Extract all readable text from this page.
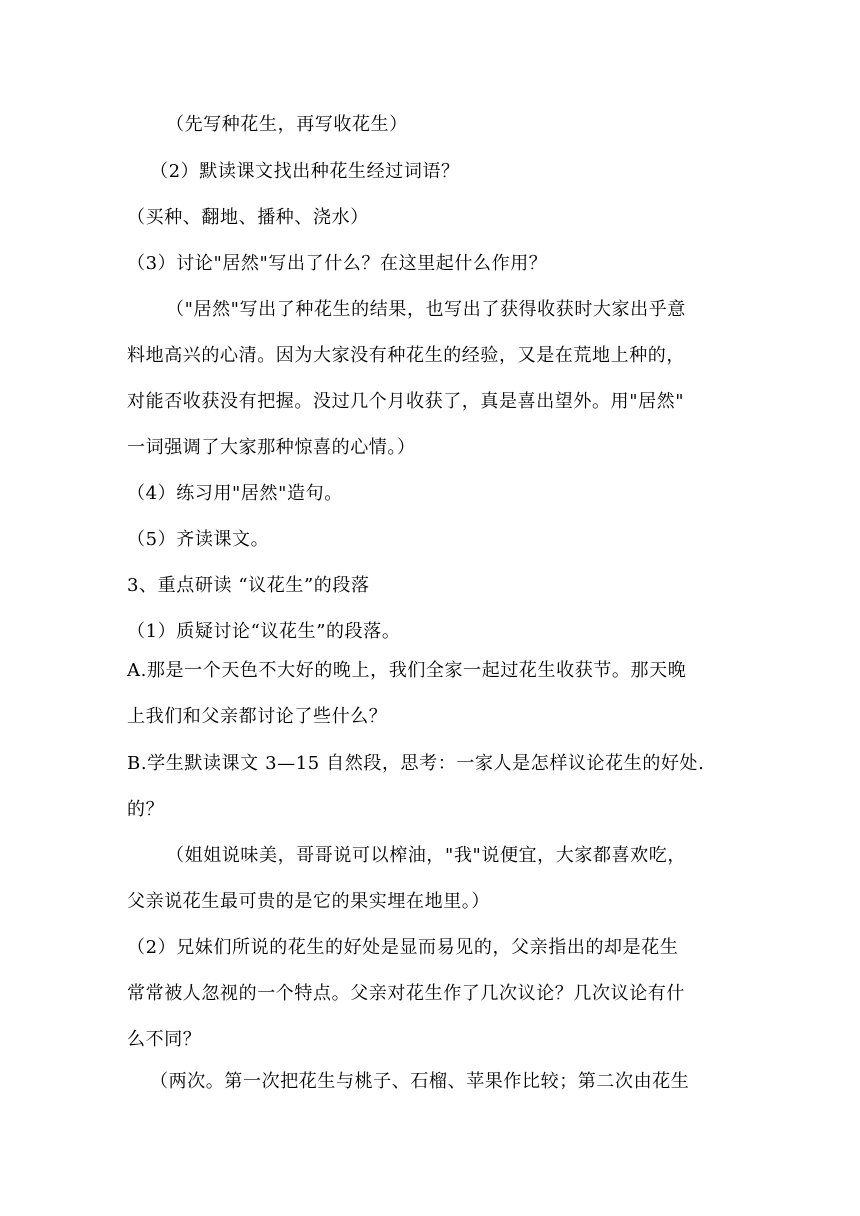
（先写种花生，再写收花生）

（2）默读课文找出种花生经过词语？

（买种、翻地、播种、浇水）

（3）讨论"居然"写出了什么？在这里起什么作用？

（"居然"写出了种花生的结果，也写出了获得收获时大家出乎意

料地高兴的心清。因为大家没有种花生的经验，又是在荒地上种的，

对能否收获没有把握。没过几个月收获了，真是喜出望外。用"居然"

一词强调了大家那种惊喜的心情。）

（4）练习用"居然"造句。

（5）齐读课文。

3、重点研读 “议花生”的段落

（1）质疑讨论“议花生”的段落。

A.那是一个天色不大好的晚上，我们全家一起过花生收获节。那天晚

上我们和父亲都讨论了些什么？

B.学生默读课文 3—15 自然段，思考：一家人是怎样议论花生的好处.

的？

（姐姐说味美，哥哥说可以榨油，"我"说便宜，大家都喜欢吃，

父亲说花生最可贵的是它的果实埋在地里。）

（2）兄妹们所说的花生的好处是显而易见的，父亲指出的却是花生

常常被人忽视的一个特点。父亲对花生作了几次议论？几次议论有什

么不同？

（两次。第一次把花生与桃子、石榴、苹果作比较；第二次由花生
